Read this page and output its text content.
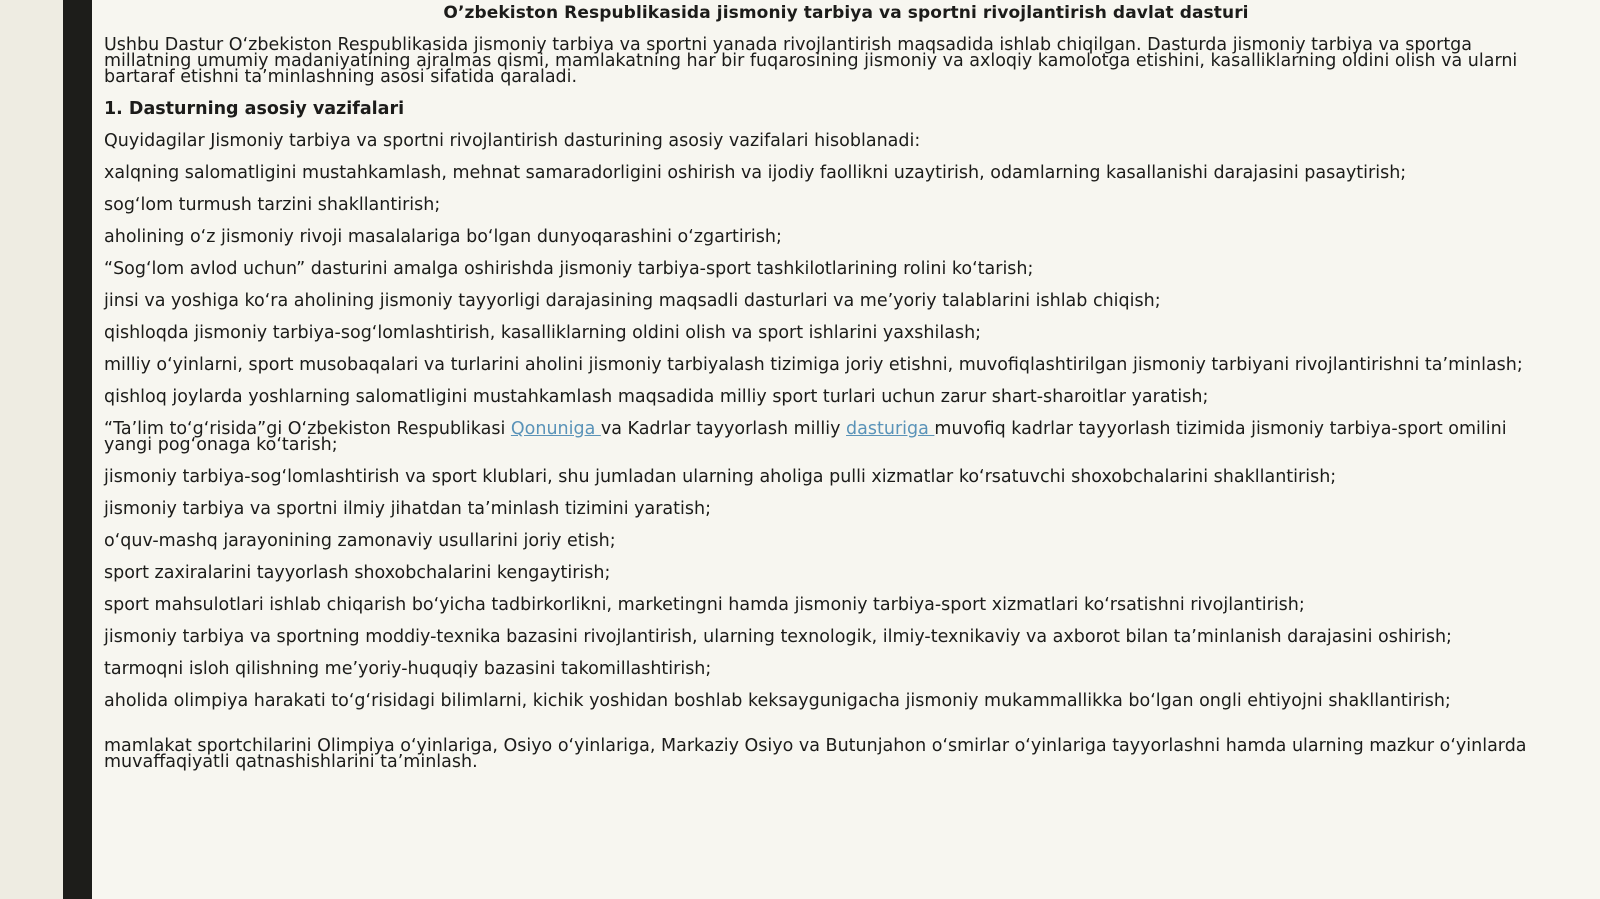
O’zbekiston Respublikasida jismoniy tarbiya va sportni rivojlantirish davlat dasturi
Ushbu Dastur O‘zbekiston Respublikasida jismoniy tarbiya va sportni yanada rivojlantirish maqsadida ishlab chiqilgan. Dasturda jismoniy tarbiya va sportga millatning umumiy madaniyatining ajralmas qismi, mamlakatning har bir fuqarosining jismoniy va axloqiy kamolotga etishini, kasalliklarning oldini olish va ularni bartaraf etishni ta’minlashning asosi sifatida qaraladi.
1. Dasturning asosiy vazifalari
Quyidagilar Jismoniy tarbiya va sportni rivojlantirish dasturining asosiy vazifalari hisoblanadi:
xalqning salomatligini mustahkamlash, mehnat samaradorligini oshirish va ijodiy faollikni uzaytirish, odamlarning kasallanishi darajasini pasaytirish;
sog‘lom turmush tarzini shakllantirish;
aholining o‘z jismoniy rivoji masalalariga bo‘lgan dunyoqarashini o‘zgartirish;
“Sog‘lom avlod uchun” dasturini amalga oshirishda jismoniy tarbiya-sport tashkilotlarining rolini ko‘tarish;
jinsi va yoshiga ko‘ra aholining jismoniy tayyorligi darajasining maqsadli dasturlari va me’yoriy talablarini ishlab chiqish;
qishloqda jismoniy tarbiya-sog‘lomlashtirish, kasalliklarning oldini olish va sport ishlarini yaxshilash;
milliy o‘yinlarni, sport musobaqalari va turlarini aholini jismoniy tarbiyalash tizimiga joriy etishni, muvofiqlashtirilgan jismoniy tarbiyani rivojlantirishni ta’minlash;
qishloq joylarda yoshlarning salomatligini mustahkamlash maqsadida milliy sport turlari uchun zarur shart-sharoitlar yaratish;
“Ta’lim to‘g‘risida”gi O‘zbekiston Respublikasi Qonuniga va Kadrlar tayyorlash milliy dasturiga muvofiq kadrlar tayyorlash tizimida jismoniy tarbiya-sport omilini yangi pog‘onaga ko‘tarish;
jismoniy tarbiya-sog‘lomlashtirish va sport klublari, shu jumladan ularning aholiga pulli xizmatlar ko‘rsatuvchi shoxobchalarini shakllantirish;
jismoniy tarbiya va sportni ilmiy jihatdan ta’minlash tizimini yaratish;
o‘quv-mashq jarayonining zamonaviy usullarini joriy etish;
sport zaxiralarini tayyorlash shoxobchalarini kengaytirish;
sport mahsulotlari ishlab chiqarish bo‘yicha tadbirkorlikni, marketingni hamda jismoniy tarbiya-sport xizmatlari ko‘rsatishni rivojlantirish;
jismoniy tarbiya va sportning moddiy-texnika bazasini rivojlantirish, ularning texnologik, ilmiy-texnikaviy va axborot bilan ta’minlanish darajasini oshirish;
tarmoqni isloh qilishning me’yoriy-huquqiy bazasini takomillashtirish;
aholida olimpiya harakati to‘g‘risidagi bilimlarni, kichik yoshidan boshlab keksaygunigacha jismoniy mukammallikka bo‘lgan ongli ehtiyojni shakllantirish;
mamlakat sportchilarini Olimpiya o‘yinlariga, Osiyo o‘yinlariga, Markaziy Osiyo va Butunjahon o‘smirlar o‘yinlariga tayyorlashni hamda ularning mazkur o‘yinlarda muvaffaqiyatli qatnashishlarini ta’minlash.
